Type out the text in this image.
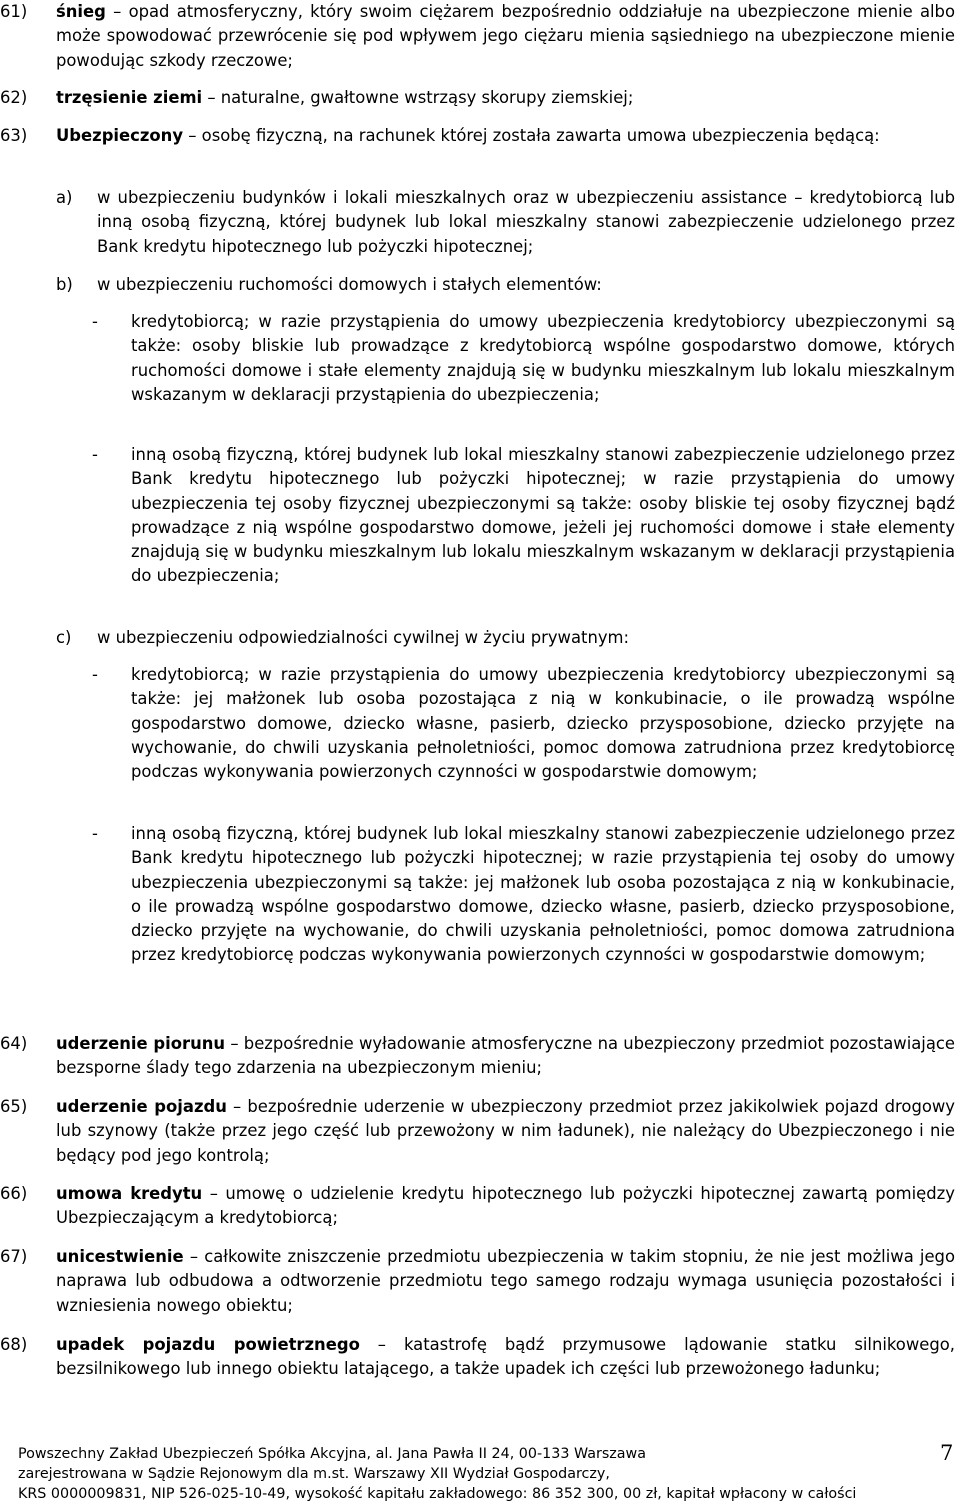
61)	śnieg – opad atmosferyczny, który swoim ciężarem bezpośrednio oddziałuje na ubezpieczone mienie albo może spowodować przewrócenie się pod wpływem jego ciężaru mienia sąsiedniego na ubezpieczone mienie powodując szkody rzeczowe;
62)	trzęsienie ziemi – naturalne, gwałtowne wstrząsy skorupy ziemskiej;
63)	Ubezpieczony – osobę fizyczną, na rachunek której została zawarta umowa ubezpieczenia będącą:
a) w ubezpieczeniu budynków i lokali mieszkalnych oraz w ubezpieczeniu assistance – kredytobiorcą lub inną osobą fizyczną, której budynek lub lokal mieszkalny stanowi zabezpieczenie udzielonego przez Bank kredytu hipotecznego lub pożyczki hipotecznej;
b) w ubezpieczeniu ruchomości domowych i stałych elementów:
- kredytobiorcą; w razie przystąpienia do umowy ubezpieczenia kredytobiorcy ubezpieczonymi są także: osoby bliskie lub prowadzące z kredytobiorcą wspólne gospodarstwo domowe, których ruchomości domowe i stałe elementy znajdują się w budynku mieszkalnym lub lokalu mieszkalnym wskazanym w deklaracji przystąpienia do ubezpieczenia;
- inną osobą fizyczną, której budynek lub lokal mieszkalny stanowi zabezpieczenie udzielonego przez Bank kredytu hipotecznego lub pożyczki hipotecznej; w razie przystąpienia do umowy ubezpieczenia tej osoby fizycznej ubezpieczonymi są także: osoby bliskie tej osoby fizycznej bądź prowadzące z nią wspólne gospodarstwo domowe, jeżeli jej ruchomości domowe i stałe elementy znajdują się w budynku mieszkalnym lub lokalu mieszkalnym wskazanym w deklaracji przystąpienia do ubezpieczenia;
c) w ubezpieczeniu odpowiedzialności cywilnej w życiu prywatnym:
- kredytobiorcą; w razie przystąpienia do umowy ubezpieczenia kredytobiorcy ubezpieczonymi są także: jej małżonek lub osoba pozostająca z nią w konkubinacie, o ile prowadzą wspólne gospodarstwo domowe, dziecko własne, pasierb, dziecko przysposobione, dziecko przyjęte na wychowanie, do chwili uzyskania pełnoletniości, pomoc domowa zatrudniona przez kredytobiorcę podczas wykonywania powierzonych czynności w gospodarstwie domowym;
- inną osobą fizyczną, której budynek lub lokal mieszkalny stanowi zabezpieczenie udzielonego przez Bank kredytu hipotecznego lub pożyczki hipotecznej; w razie przystąpienia tej osoby do umowy ubezpieczenia ubezpieczonymi są także: jej małżonek lub osoba pozostająca z nią w konkubinacie, o ile prowadzą wspólne gospodarstwo domowe, dziecko własne, pasierb, dziecko przysposobione, dziecko przyjęte na wychowanie, do chwili uzyskania pełnoletniości, pomoc domowa zatrudniona przez kredytobiorcę podczas wykonywania powierzonych czynności w gospodarstwie domowym;
64)	uderzenie piorunu – bezpośrednie wyładowanie atmosferyczne na ubezpieczony przedmiot pozostawiające bezsporne ślady tego zdarzenia na ubezpieczonym mieniu;
65)	uderzenie pojazdu – bezpośrednie uderzenie w ubezpieczony przedmiot przez jakikolwiek pojazd drogowy lub szynowy (także przez jego część lub przewożony w nim ładunek), nie należący do Ubezpieczonego i nie będący pod jego kontrolą;
66)	umowa kredytu – umowę o udzielenie kredytu hipotecznego lub pożyczki hipotecznej zawartą pomiędzy Ubezpieczającym a kredytobiorcą;
67)	unicestwienie – całkowite zniszczenie przedmiotu ubezpieczenia w takim stopniu, że nie jest możliwa jego naprawa lub odbudowa a odtworzenie przedmiotu tego samego rodzaju wymaga usunięcia pozostałości i wzniesienia nowego obiektu;
68)	upadek pojazdu powietrznego – katastrofę bądź przymusowe lądowanie statku silnikowego, bezsilnikowego lub innego obiektu latającego, a także upadek ich części lub przewożonego ładunku;
Powszechny Zakład Ubezpieczeń Spółka Akcyjna, al. Jana Pawła II 24, 00-133 Warszawa
zarejestrowana w Sądzie Rejonowym dla m.st. Warszawy XII Wydział Gospodarczy,
KRS 0000009831, NIP 526-025-10-49, wysokość kapitału zakładowego: 86 352 300, 00 zł, kapitał wpłacony w całości
7
